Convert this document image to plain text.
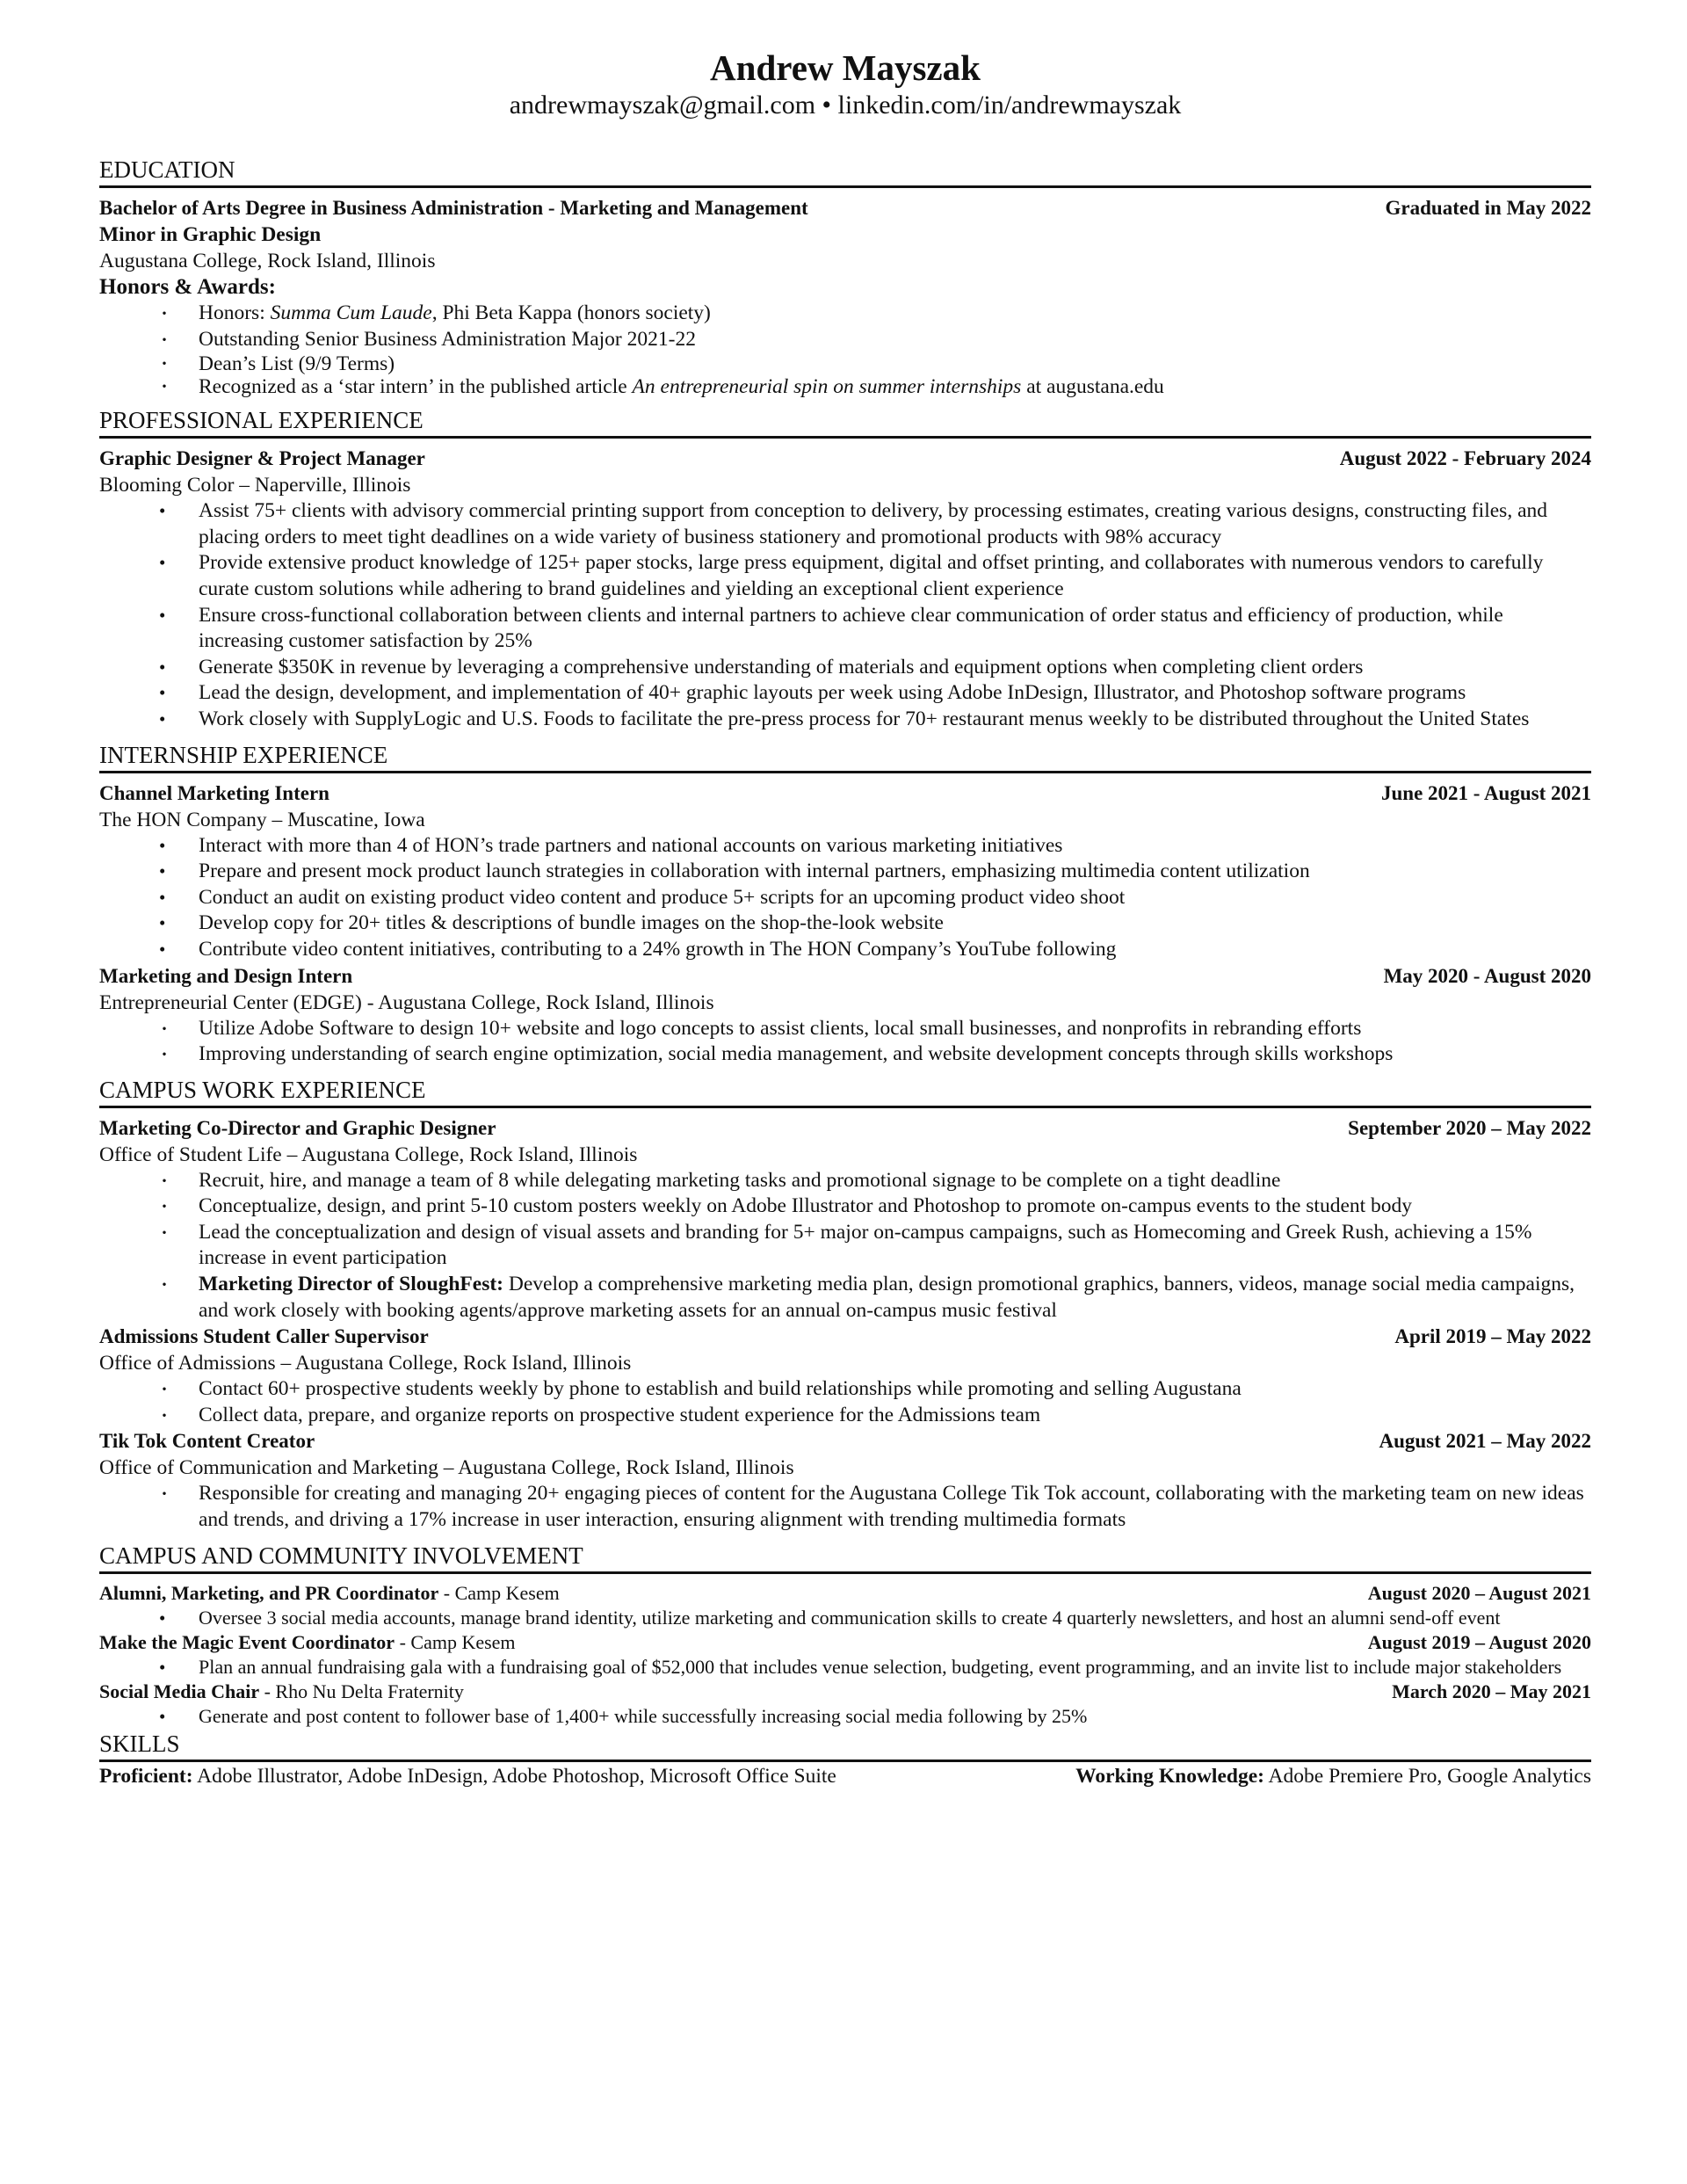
Andrew Mayszak
andrewmayszak@gmail.com • linkedin.com/in/andrewmayszak
EDUCATION
Bachelor of Arts Degree in Business Administration - Marketing and Management	Graduated in May 2022
Minor in Graphic Design
Augustana College, Rock Island, Illinois
Honors & Awards:
· Honors: Summa Cum Laude, Phi Beta Kappa (honors society)
· Outstanding Senior Business Administration Major 2021-22
· Dean’s List (9/9 Terms)
· Recognized as a ‘star intern’ in the published article An entrepreneurial spin on summer internships at augustana.edu
PROFESSIONAL EXPERIENCE
Graphic Designer & Project Manager	August 2022 - February 2024
Blooming Color – Naperville, Illinois
• Assist 75+ clients with advisory commercial printing support from conception to delivery, by processing estimates, creating various designs, constructing files, and placing orders to meet tight deadlines on a wide variety of business stationery and promotional products with 98% accuracy
• Provide extensive product knowledge of 125+ paper stocks, large press equipment, digital and offset printing, and collaborates with numerous vendors to carefully curate custom solutions while adhering to brand guidelines and yielding an exceptional client experience
• Ensure cross-functional collaboration between clients and internal partners to achieve clear communication of order status and efficiency of production, while increasing customer satisfaction by 25%
• Generate $350K in revenue by leveraging a comprehensive understanding of materials and equipment options when completing client orders
• Lead the design, development, and implementation of 40+ graphic layouts per week using Adobe InDesign, Illustrator, and Photoshop software programs
• Work closely with SupplyLogic and U.S. Foods to facilitate the pre-press process for 70+ restaurant menus weekly to be distributed throughout the United States
INTERNSHIP EXPERIENCE
Channel Marketing Intern	June 2021 - August 2021
The HON Company – Muscatine, Iowa
• Interact with more than 4 of HON’s trade partners and national accounts on various marketing initiatives
• Prepare and present mock product launch strategies in collaboration with internal partners, emphasizing multimedia content utilization
• Conduct an audit on existing product video content and produce 5+ scripts for an upcoming product video shoot
• Develop copy for 20+ titles & descriptions of bundle images on the shop-the-look website
• Contribute video content initiatives, contributing to a 24% growth in The HON Company’s YouTube following
Marketing and Design Intern	May 2020 - August 2020
Entrepreneurial Center (EDGE) - Augustana College, Rock Island, Illinois
· Utilize Adobe Software to design 10+ website and logo concepts to assist clients, local small businesses, and nonprofits in rebranding efforts
· Improving understanding of search engine optimization, social media management, and website development concepts through skills workshops
CAMPUS WORK EXPERIENCE
Marketing Co-Director and Graphic Designer	September 2020 – May 2022
Office of Student Life – Augustana College, Rock Island, Illinois
· Recruit, hire, and manage a team of 8 while delegating marketing tasks and promotional signage to be complete on a tight deadline
· Conceptualize, design, and print 5-10 custom posters weekly on Adobe Illustrator and Photoshop to promote on-campus events to the student body
· Lead the conceptualization and design of visual assets and branding for 5+ major on-campus campaigns, such as Homecoming and Greek Rush, achieving a 15% increase in event participation
· Marketing Director of SloughFest: Develop a comprehensive marketing media plan, design promotional graphics, banners, videos, manage social media campaigns, and work closely with booking agents/approve marketing assets for an annual on-campus music festival
Admissions Student Caller Supervisor	April 2019 – May 2022
Office of Admissions – Augustana College, Rock Island, Illinois
· Contact 60+ prospective students weekly by phone to establish and build relationships while promoting and selling Augustana
· Collect data, prepare, and organize reports on prospective student experience for the Admissions team
Tik Tok Content Creator	August 2021 – May 2022
Office of Communication and Marketing – Augustana College, Rock Island, Illinois
· Responsible for creating and managing 20+ engaging pieces of content for the Augustana College Tik Tok account, collaborating with the marketing team on new ideas and trends, and driving a 17% increase in user interaction, ensuring alignment with trending multimedia formats
CAMPUS AND COMMUNITY INVOLVEMENT
Alumni, Marketing, and PR Coordinator - Camp Kesem	August 2020 – August 2021
• Oversee 3 social media accounts, manage brand identity, utilize marketing and communication skills to create 4 quarterly newsletters, and host an alumni send-off event
Make the Magic Event Coordinator - Camp Kesem	August 2019 – August 2020
• Plan an annual fundraising gala with a fundraising goal of $52,000 that includes venue selection, budgeting, event programming, and an invite list to include major stakeholders
Social Media Chair - Rho Nu Delta Fraternity	March 2020 – May 2021
• Generate and post content to follower base of 1,400+ while successfully increasing social media following by 25%
SKILLS
Proficient: Adobe Illustrator, Adobe InDesign, Adobe Photoshop, Microsoft Office Suite	Working Knowledge: Adobe Premiere Pro, Google Analytics
